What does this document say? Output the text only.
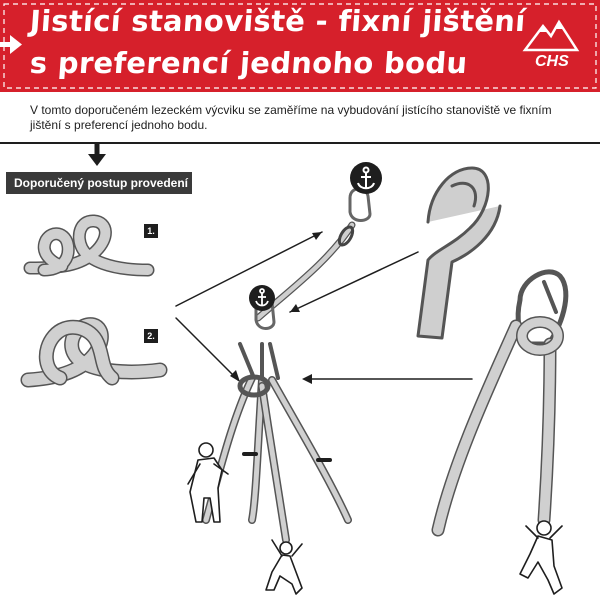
Jistící stanoviště - fixní jištění
s preferencí jednoho bodu	CHS
V tomto doporučeném lezeckém výcviku se zaměříme na vybudování jistícího stanoviště ve fixním jištění s preferencí jednoho bodu.
Doporučený postup provedení
1.
2.
